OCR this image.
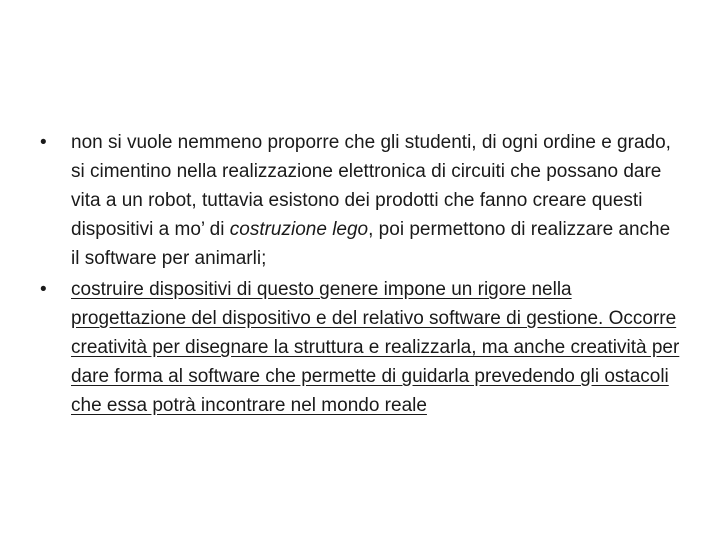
•	non si vuole nemmeno proporre che gli studenti, di ogni ordine e grado, si cimentino nella realizzazione elettronica di circuiti che possano dare vita a un robot, tuttavia esistono dei prodotti che fanno creare questi dispositivi a mo’ di costruzione lego, poi permettono di realizzare anche il software per animarli;
•	costruire dispositivi di questo genere impone un rigore nella progettazione del dispositivo e del relativo software di gestione. Occorre creatività per disegnare la struttura e realizzarla, ma anche creatività per dare forma al software che permette di guidarla prevedendo gli ostacoli che essa potrà incontrare nel mondo reale
